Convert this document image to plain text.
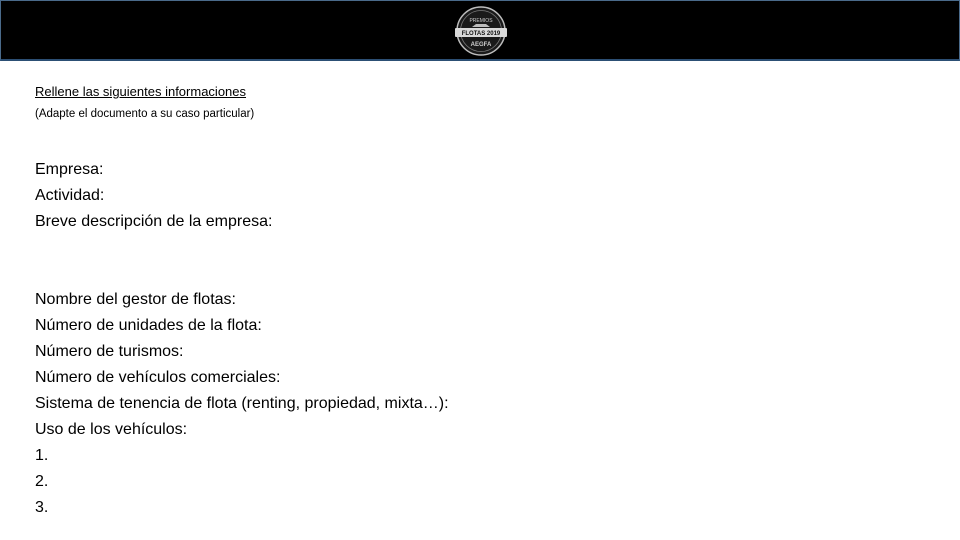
PREMIOS
FLOTAS 2019
AEGFA
Rellene las siguientes informaciones
(Adapte el documento a su caso particular)
Empresa:
Actividad:
Breve descripción de la empresa:
Nombre del gestor de flotas:
Número de unidades de la flota:
Número de turismos:
Número de vehículos comerciales:
Sistema de tenencia de flota (renting, propiedad, mixta…):
Uso de los vehículos:
1.
2.
3.
